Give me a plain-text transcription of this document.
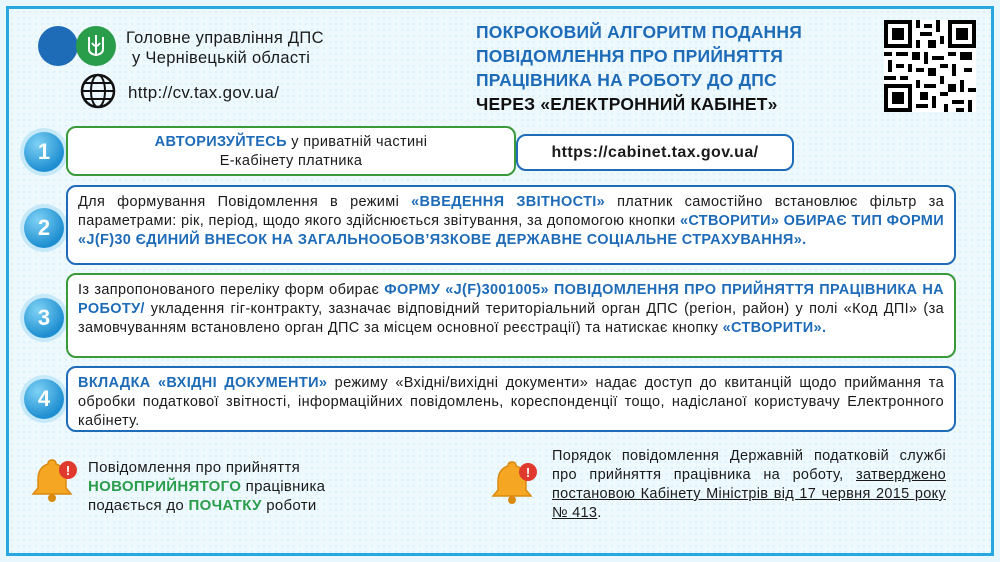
Головне управління ДПС
у Чернівецькій області
http://cv.tax.gov.ua/
ПОКРОКОВИЙ АЛГОРИТМ ПОДАННЯ
ПОВІДОМЛЕННЯ ПРО ПРИЙНЯТТЯ
ПРАЦІВНИКА НА РОБОТУ ДО ДПС
ЧЕРЕЗ «ЕЛЕКТРОННИЙ КАБІНЕТ»
1	АВТОРИЗУЙТЕСЬ у приватній частині
Е-кабінету платника	https://cabinet.tax.gov.ua/
2
Для формування Повідомлення в режимі «ВВЕДЕННЯ ЗВІТНОСТІ» платник самостійно встановлює фільтр за параметрами: рік, період, щодо якого здійснюється звітування, за допомогою кнопки «СТВОРИТИ» ОБИРАЄ ТИП ФОРМИ «J(F)30 ЄДИНИЙ ВНЕСОК НА ЗАГАЛЬНООБОВ’ЯЗКОВЕ ДЕРЖАВНЕ СОЦІАЛЬНЕ СТРАХУВАННЯ».
3
Із запропонованого переліку форм обирає ФОРМУ «J(F)3001005» ПОВІДОМЛЕННЯ ПРО ПРИЙНЯТТЯ ПРАЦІВНИКА НА РОБОТУ/ укладення гіг-контракту, зазначає відповідний територіальний орган ДПС (регіон, район) у полі «Код ДПІ» (за замовчуванням встановлено орган ДПС за місцем основної реєстрації) та натискає кнопку «СТВОРИТИ».
4
ВКЛАДКА «ВХІДНІ ДОКУМЕНТИ» режиму «Вхідні/вихідні документи» надає доступ до квитанцій щодо приймання та обробки податкової звітності, інформаційних повідомлень, кореспонденції тощо, надісланої користувачу Електронного кабінету.
! Повідомлення про прийняття
НОВОПРИЙНЯТОГО працівника
подається до ПОЧАТКУ роботи
!
Порядок повідомлення Державній податковій службі про прийняття працівника на роботу, затверджено постановою Кабінету Міністрів від 17 червня 2015 року № 413.
